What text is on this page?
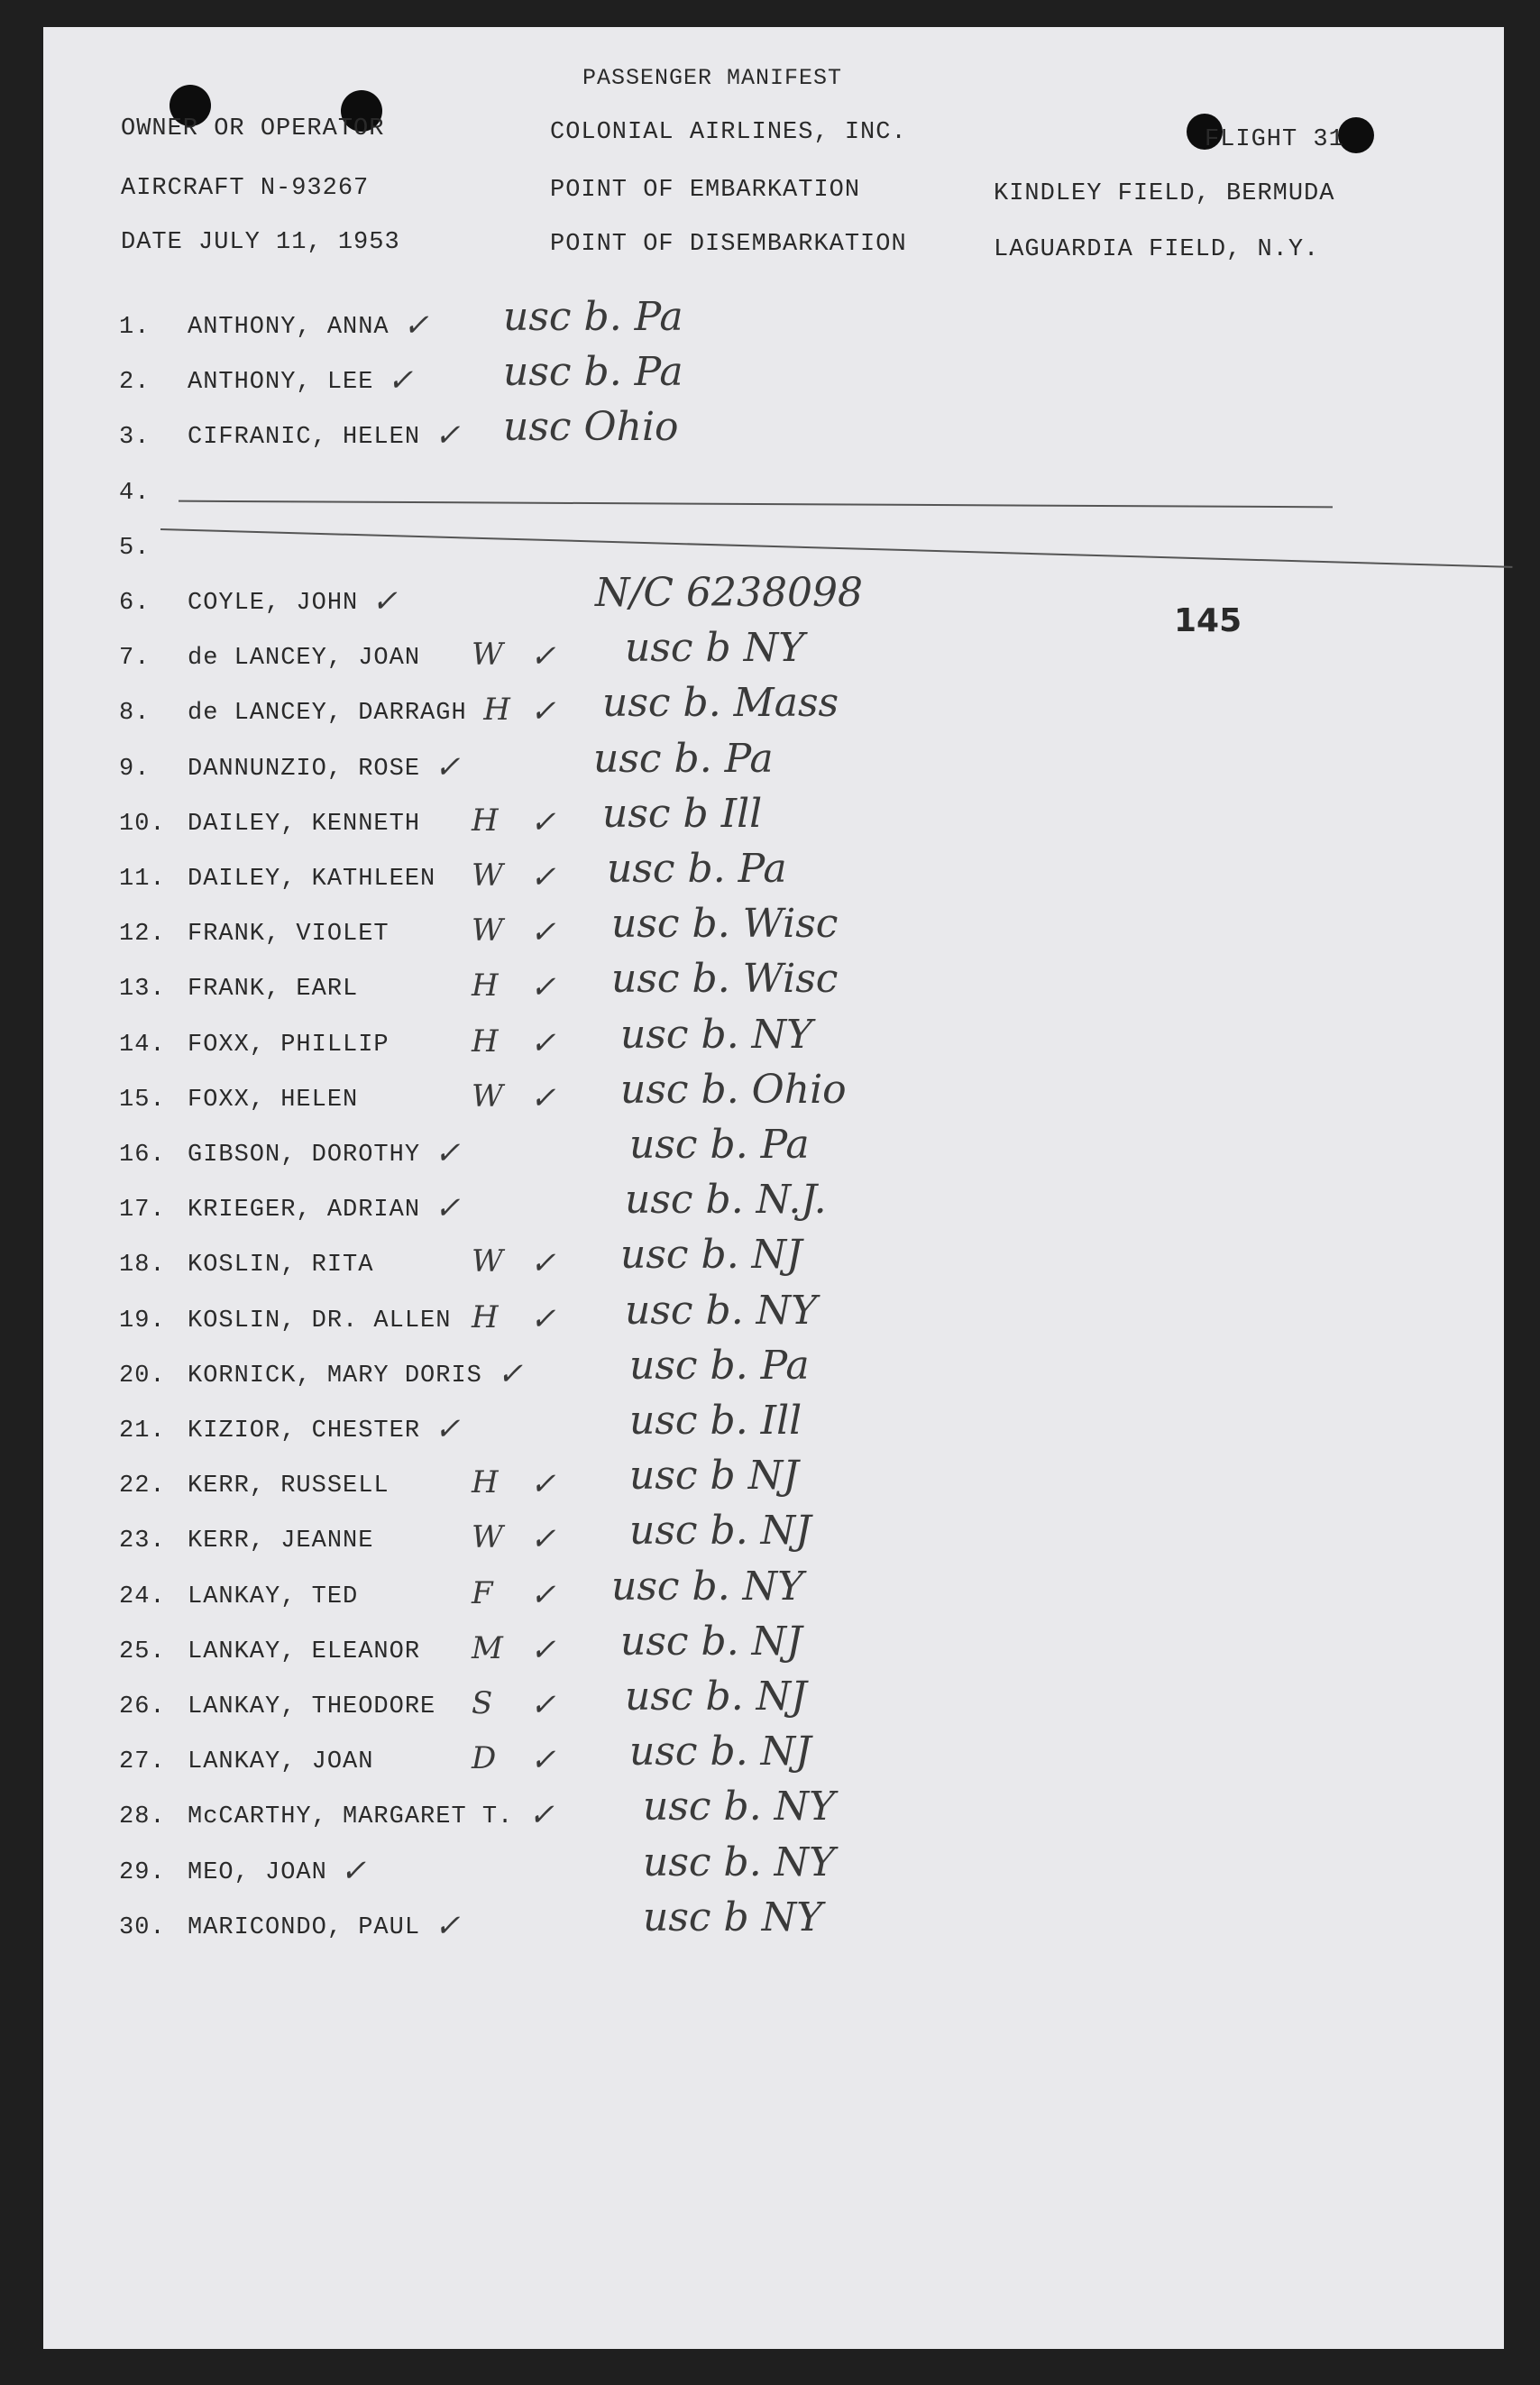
PASSENGER MANIFEST
OWNER OR OPERATOR	COLONIAL AIRLINES, INC.	FLIGHT 31
AIRCRAFT N-93267	POINT OF EMBARKATION	KINDLEY FIELD, BERMUDA
DATE JULY 11, 1953	POINT OF DISEMBARKATION	LAGUARDIA FIELD, N.Y.
145
1. ANTHONY, ANNA ✓ usc b. Pa
2. ANTHONY, LEE ✓ usc b. Pa
3. CIFRANIC, HELEN ✓ usc Ohio
4.
5.
6. COYLE, JOHN ✓	N/C 6238098
7. de LANCEY, JOAN W ✓ usc b NY
8. de LANCEY, DARRAGH H ✓ usc b. Mass
9. DANNUNZIO, ROSE ✓	usc b. Pa
10. DAILEY, KENNETH H ✓ usc b Ill
11. DAILEY, KATHLEEN W ✓ usc b. Pa
12. FRANK, VIOLET	W ✓ usc b. Wisc
13. FRANK, EARL	H ✓ usc b. Wisc
14. FOXX, PHILLIP	H ✓ usc b. NY
15. FOXX, HELEN	W ✓ usc b. Ohio
16. GIBSON, DOROTHY ✓	usc b. Pa
17. KRIEGER, ADRIAN ✓	usc b. N.J.
18. KOSLIN, RITA	W ✓ usc b. NJ
19. KOSLIN, DR. ALLEN H ✓ usc b. NY
20. KORNICK, MARY DORIS ✓	usc b. Pa
21. KIZIOR, CHESTER ✓	usc b. Ill
22. KERR, RUSSELL	H ✓ usc b NJ
23. KERR, JEANNE	W ✓ usc b. NJ
24. LANKAY, TED	F ✓ usc b. NY
25. LANKAY, ELEANOR M ✓ usc b. NJ
26. LANKAY, THEODORE S ✓ usc b. NJ
27. LANKAY, JOAN	D ✓ usc b. NJ
28. McCARTHY, MARGARET T. ✓ usc b. NY
29. MEO, JOAN ✓	usc b. NY
30. MARICONDO, PAUL ✓	usc b NY
